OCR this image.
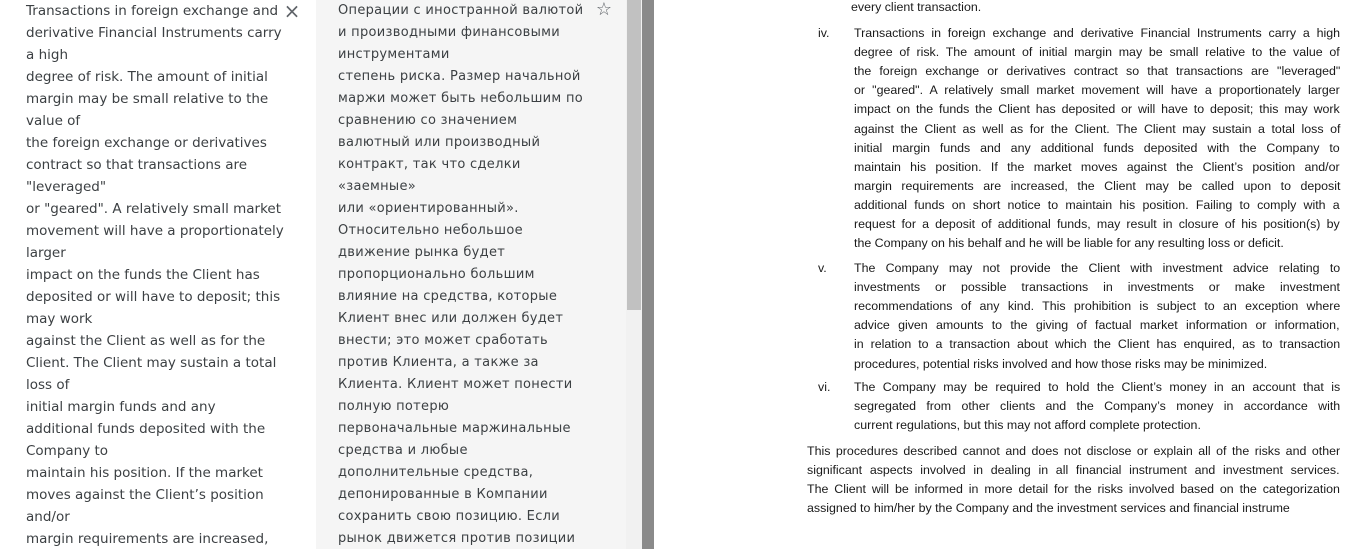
Transactions in foreign exchange and
derivative Financial Instruments carry
a high
degree of risk. The amount of initial
margin may be small relative to the
value of
the foreign exchange or derivatives
contract so that transactions are
"leveraged"
or "geared". A relatively small market
movement will have a proportionately
larger
impact on the funds the Client has
deposited or will have to deposit; this
may work
against the Client as well as for the
Client. The Client may sustain a total
loss of
initial margin funds and any
additional funds deposited with the
Company to
maintain his position. If the market
moves against the Client’s position
and/or
margin requirements are increased,
×	Операции с иностранной валютой
и производными финансовыми
инструментами
степень риска. Размер начальной
маржи может быть небольшим по
сравнению со значением
валютный или производный
контракт, так что сделки
«заемные»
или «ориентированный».
Относительно небольшое
движение рынка будет
пропорционально большим
влияние на средства, которые
Клиент внес или должен будет
внести; это может сработать
против Клиента, а также за
Клиента. Клиент может понести
полную потерю
первоначальные маржинальные
средства и любые
дополнительные средства,
депонированные в Компании
сохранить свою позицию. Если
рынок движется против позиции
☆	every client transaction.
iv. Transactions in foreign exchange and derivative Financial Instruments carry a high
degree of risk. The amount of initial margin may be small relative to the value of
the foreign exchange or derivatives contract so that transactions are "leveraged"
or "geared". A relatively small market movement will have a proportionately larger
impact on the funds the Client has deposited or will have to deposit; this may work
against the Client as well as for the Client. The Client may sustain a total loss of
initial margin funds and any additional funds deposited with the Company to
maintain his position. If the market moves against the Client’s position and/or
margin requirements are increased, the Client may be called upon to deposit
additional funds on short notice to maintain his position. Failing to comply with a
request for a deposit of additional funds, may result in closure of his position(s) by
the Company on his behalf and he will be liable for any resulting loss or deficit.
v. The Company may not provide the Client with investment advice relating to
investments or possible transactions in investments or make investment
recommendations of any kind. This prohibition is subject to an exception where
advice given amounts to the giving of factual market information or information,
in relation to a transaction about which the Client has enquired, as to transaction
procedures, potential risks involved and how those risks may be minimized.
vi. The Company may be required to hold the Client’s money in an account that is
segregated from other clients and the Company’s money in accordance with
current regulations, but this may not afford complete protection.
This procedures described cannot and does not disclose or explain all of the risks and other
significant aspects involved in dealing in all financial instrument and investment services.
The Client will be informed in more detail for the risks involved based on the categorization
assigned to him/her by the Company and the investment services and financial instrume
